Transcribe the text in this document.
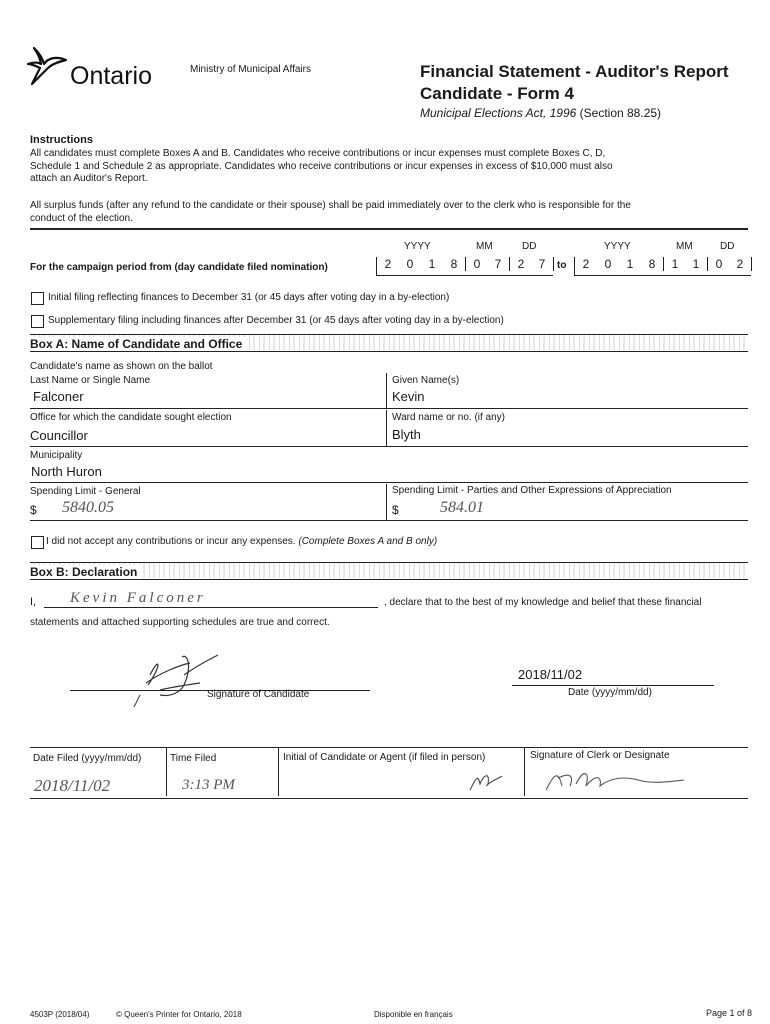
Ontario	Ministry of Municipal Affairs	Financial Statement - Auditor's Report
Candidate - Form 4
Municipal Elections Act, 1996 (Section 88.25)
Instructions
All candidates must complete Boxes A and B. Candidates who receive contributions or incur expenses must complete Boxes C, D,
Schedule 1 and Schedule 2 as appropriate. Candidates who receive contributions or incur expenses in excess of $10,000 must also
attach an Auditor's Report.
All surplus funds (after any refund to the candidate or their spouse) shall be paid immediately over to the clerk who is responsible for the
conduct of the election.
For the campaign period from (day candidate filed nomination)
YYYY	MM	DD	YYYY	MM	DD
2	0	1	8	0	7	2	7	to	2	0	1	8	1	1	0	2
Initial filing reflecting finances to December 31 (or 45 days after voting day in a by-election)
Supplementary filing including finances after December 31 (or 45 days after voting day in a by-election)
Box A: Name of Candidate and Office
Candidate's name as shown on the ballot
Last Name or Single Name
Falconer
Given Name(s)
Kevin
Office for which the candidate sought election
Councillor
Ward name or no. (if any)
Blyth
Municipality
North Huron
Spending Limit - General
$ 5840.05
Spending Limit - Parties and Other Expressions of Appreciation
$	584.01
I did not accept any contributions or incur any expenses. (Complete Boxes A and B only)
Box B: Declaration
I, Kevin Falconer	, declare that to the best of my knowledge and belief that these financial
statements and attached supporting schedules are true and correct.
Signature of Candidate
2018/11/02
Date (yyyy/mm/dd)
Date Filed (yyyy/mm/dd)
2018/11/02
Time Filed
3:13 PM
Initial of Candidate or Agent (if filed in person)	Signature of Clerk or Designate
4503P (2018/04)	© Queen's Printer for Ontario, 2018	Disponible en français	Page 1 of 8
